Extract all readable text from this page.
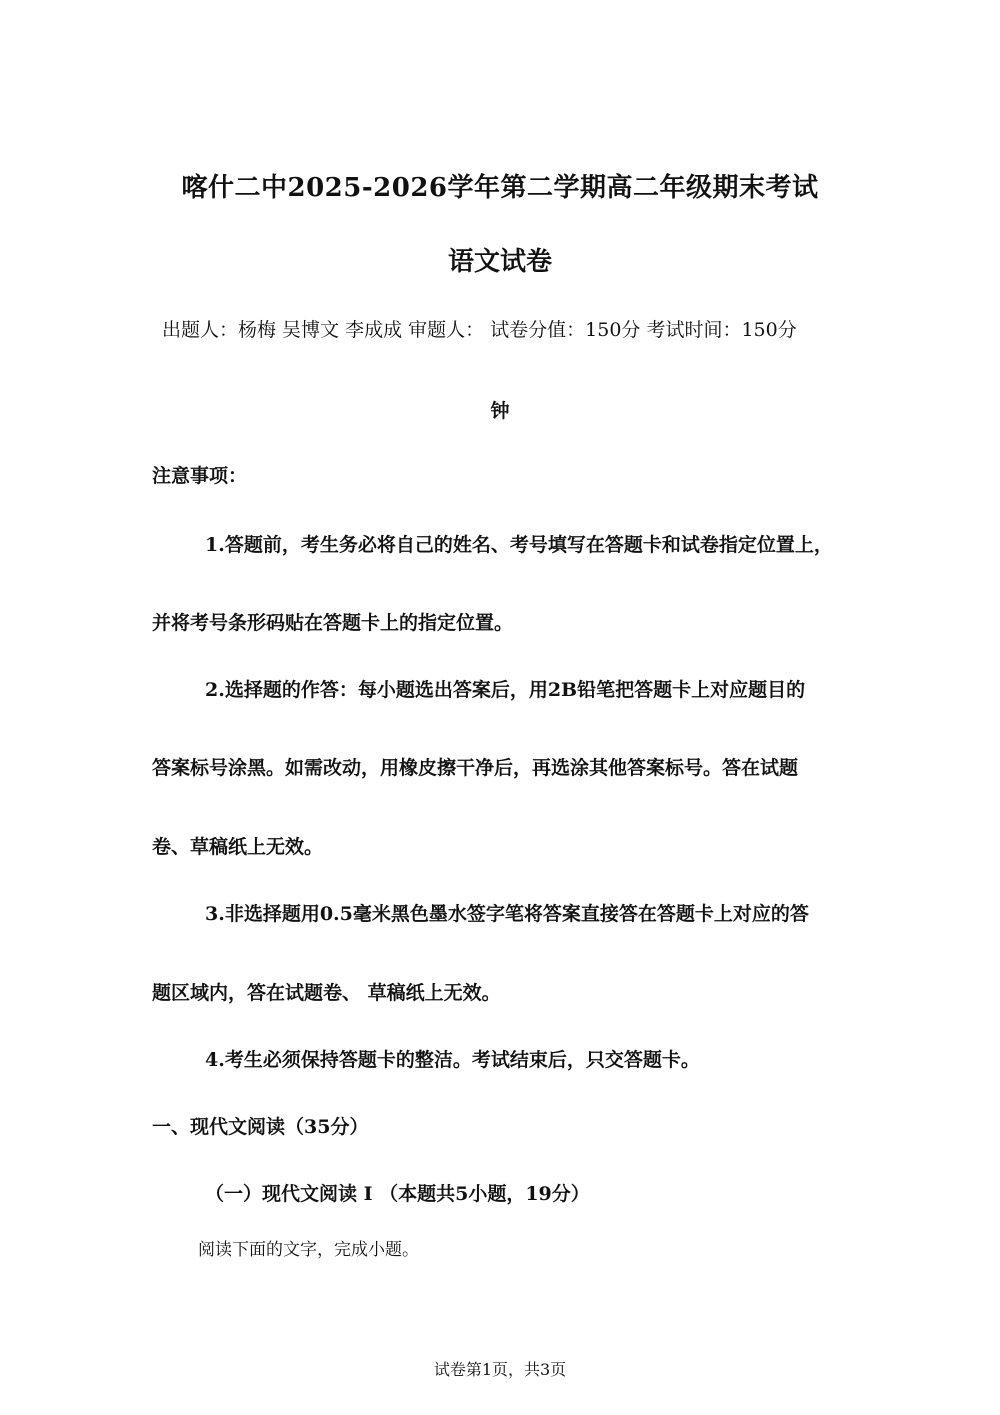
喀什二中2025-2026学年第二学期高二年级期末考试
语文试卷
出题人：杨梅 吴博文 李成成 审题人： 试卷分值：150分 考试时间：150分
钟
注意事项：
1.答题前，考生务必将自己的姓名、考号填写在答题卡和试卷指定位置上，
并将考号条形码贴在答题卡上的指定位置。
2.选择题的作答：每小题选出答案后，用2B铅笔把答题卡上对应题目的
答案标号涂黑。如需改动，用橡皮擦干净后，再选涂其他答案标号。答在试题
卷、草稿纸上无效。
3.非选择题用0.5毫米黑色墨水签字笔将答案直接答在答题卡上对应的答
题区域内，答在试题卷、 草稿纸上无效。
4.考生必须保持答题卡的整洁。考试结束后，只交答题卡。
一、现代文阅读（35分）
（一）现代文阅读 I （本题共5小题，19分）
阅读下面的文字，完成小题。
试卷第1页，共3页
